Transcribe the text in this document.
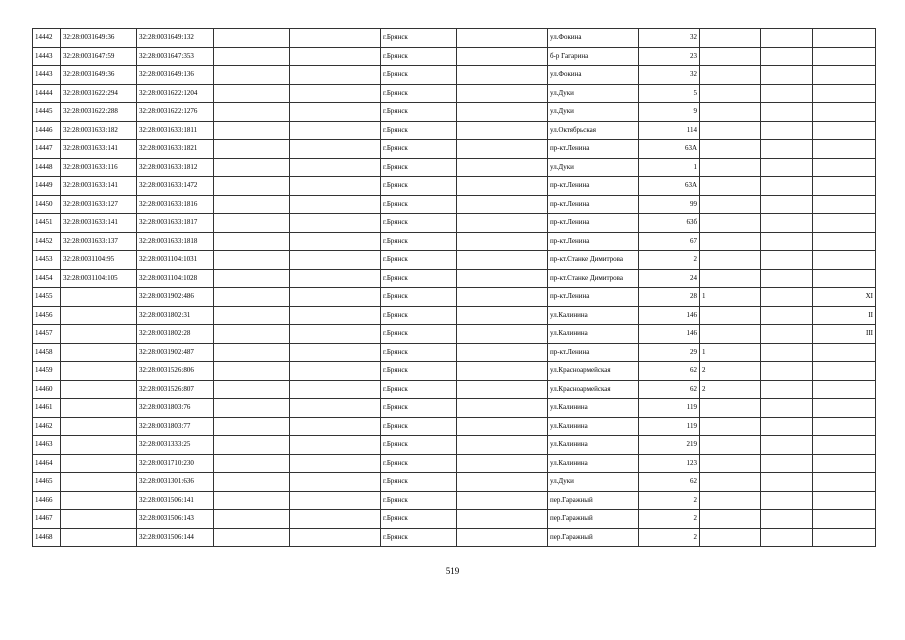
14442	32:28:0031649:36	32:28:0031649:132			г.Брянск		ул.Фокина	32			
14443	32:28:0031647:59	32:28:0031647:353			г.Брянск		б-р Гагарина	23			
14443	32:28:0031649:36	32:28:0031649:136			г.Брянск		ул.Фокина	32			
14444	32:28:0031622:294	32:28:0031622:1204			г.Брянск		ул.Дуки	5			
14445	32:28:0031622:288	32:28:0031622:1276			г.Брянск		ул.Дуки	9			
14446	32:28:0031633:182	32:28:0031633:1811			г.Брянск		ул.Октябрьская	114			
14447	32:28:0031633:141	32:28:0031633:1821			г.Брянск		пр-кт.Ленина	63А			
14448	32:28:0031633:116	32:28:0031633:1812			г.Брянск		ул.Дуки	1			
14449	32:28:0031633:141	32:28:0031633:1472			г.Брянск		пр-кт.Ленина	63А			
14450	32:28:0031633:127	32:28:0031633:1816			г.Брянск		пр-кт.Ленина	99			
14451	32:28:0031633:141	32:28:0031633:1817			г.Брянск		пр-кт.Ленина	63б			
14452	32:28:0031633:137	32:28:0031633:1818			г.Брянск		пр-кт.Ленина	67			
14453	32:28:0031104:95	32:28:0031104:1031			г.Брянск		пр-кт.Станке Димитрова	2			
14454	32:28:0031104:105	32:28:0031104:1028			г.Брянск		пр-кт.Станке Димитрова	24			
14455		32:28:0031902:486			г.Брянск		пр-кт.Ленина	28	1		XI
14456		32:28:0031802:31			г.Брянск		ул.Калинина	146			II
14457		32:28:0031802:28			г.Брянск		ул.Калинина	146			III
14458		32:28:0031902:487			г.Брянск		пр-кт.Ленина	29	1		
14459		32:28:0031526:806			г.Брянск		ул.Красноармейская	62	2		
14460		32:28:0031526:807			г.Брянск		ул.Красноармейская	62	2		
14461		32:28:0031803:76			г.Брянск		ул.Калинина	119			
14462		32:28:0031803:77			г.Брянск		ул.Калинина	119			
14463		32:28:0031333:25			г.Брянск		ул.Калинина	219			
14464		32:28:0031710:230			г.Брянск		ул.Калинина	123			
14465		32:28:0031301:636			г.Брянск		ул.Дуки	62			
14466		32:28:0031506:141			г.Брянск		пер.Гаражный	2			
14467		32:28:0031506:143			г.Брянск		пер.Гаражный	2			
14468		32:28:0031506:144			г.Брянск		пер.Гаражный	2			
519
